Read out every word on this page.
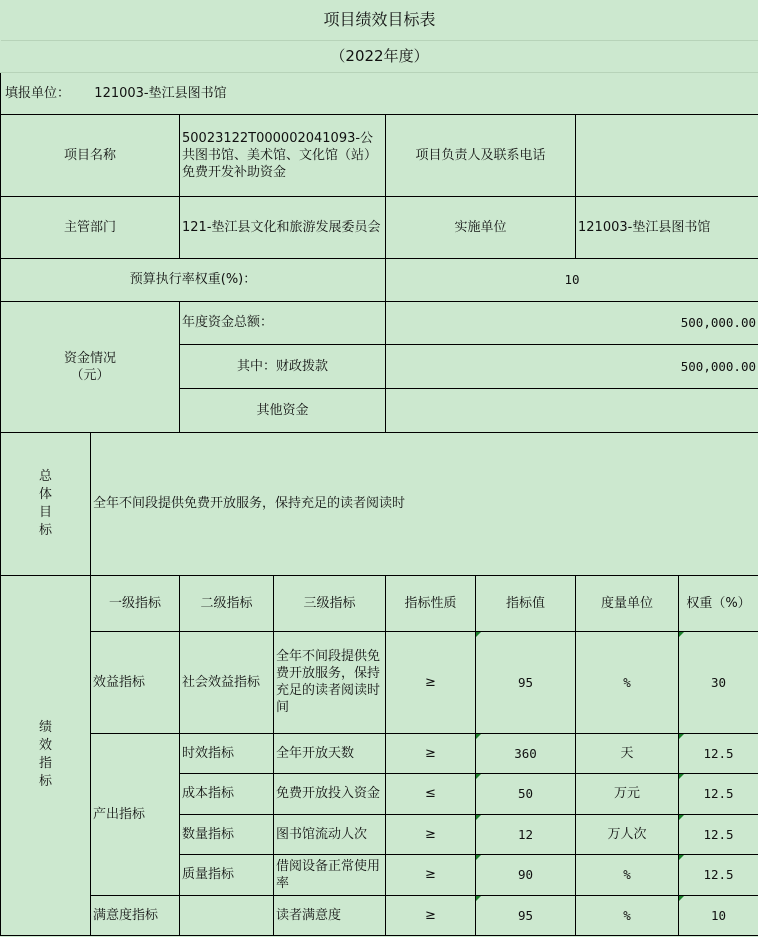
项目绩效目标表							
（2022年度）							
填报单位： 121003-垫江县图书馆							
项目名称		50023122T000002041093-公共图书馆、美术馆、文化馆（站）免费开发补助资金		项目负责人及联系电话			
主管部门		121-垫江县文化和旅游发展委员会		实施单位		121003-垫江县图书馆	
预算执行率权重(%)：				10			

资金情况
（元）		年度资金总额：		500,000.00			
		其中：财政拨款		500,000.00			
		其他资金					

总
体
目
标	全年不间段提供免费开放服务，保持充足的读者阅读时						

绩
效
指
标	一级指标	二级指标	三级指标	指标性质	指标值	度量单位	权重（%）
	效益指标	社会效益指标	全年不间段提供免费开放服务，保持充足的读者阅读时间	≥	95	%	30
	产出指标	时效指标	全年开放天数	≥	360	天	12.5
		成本指标	免费开放投入资金	≤	50	万元	12.5
		数量指标	图书馆流动人次	≥	12	万人次	12.5
		质量指标	借阅设备正常使用率	≥	90	%	12.5
	满意度指标		读者满意度	≥	95	%	10
